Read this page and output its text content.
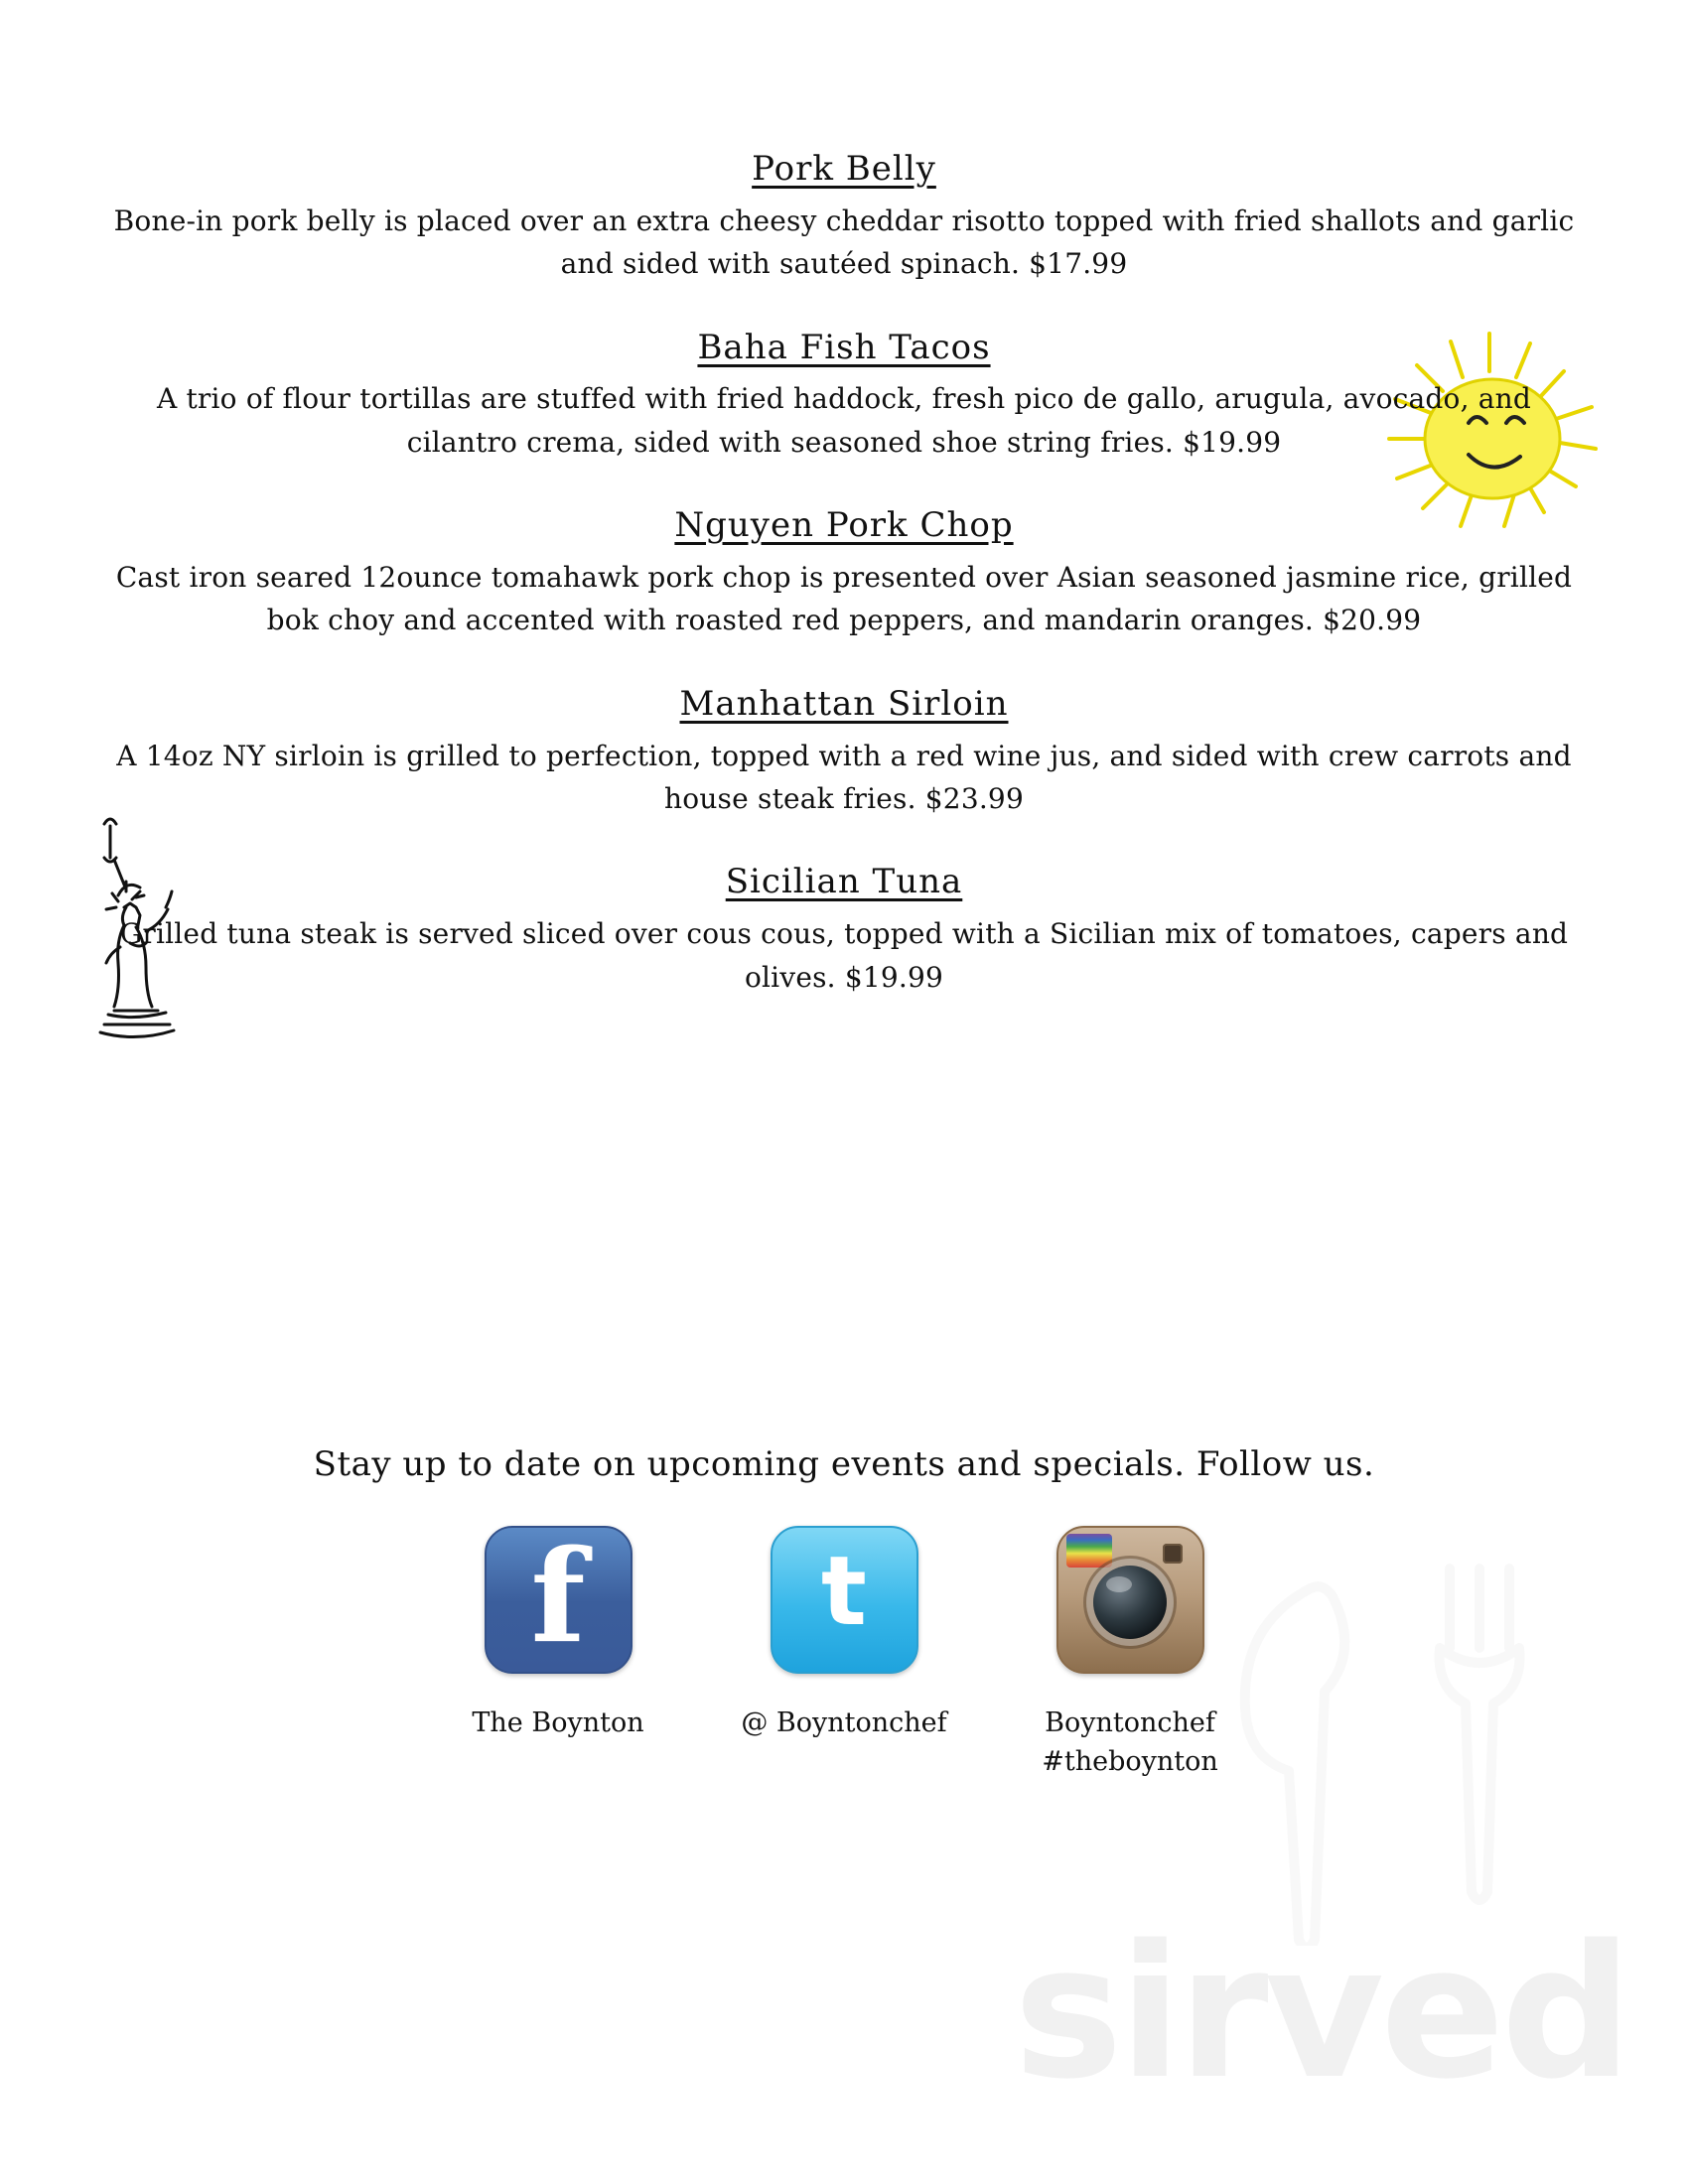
Pork Belly
Bone-in pork belly is placed over an extra cheesy cheddar risotto topped with fried shallots and garlic and sided with sautéed spinach. $17.99
Baha Fish Tacos
A trio of flour tortillas are stuffed with fried haddock, fresh pico de gallo, arugula, avocado, and cilantro crema, sided with seasoned shoe string fries. $19.99
Nguyen Pork Chop
Cast iron seared 12ounce tomahawk pork chop is presented over Asian seasoned jasmine rice, grilled bok choy and accented with roasted red peppers, and mandarin oranges. $20.99
Manhattan Sirloin
A 14oz NY sirloin is grilled to perfection, topped with a red wine jus, and sided with crew carrots and house steak fries. $23.99
Sicilian Tuna
Grilled tuna steak is served sliced over cous cous, topped with a Sicilian mix of tomatoes, capers and olives. $19.99
Stay up to date on upcoming events and specials. Follow us.
f
The Boynton
t
@ Boyntonchef	Boyntonchef
#theboynton
sirved
